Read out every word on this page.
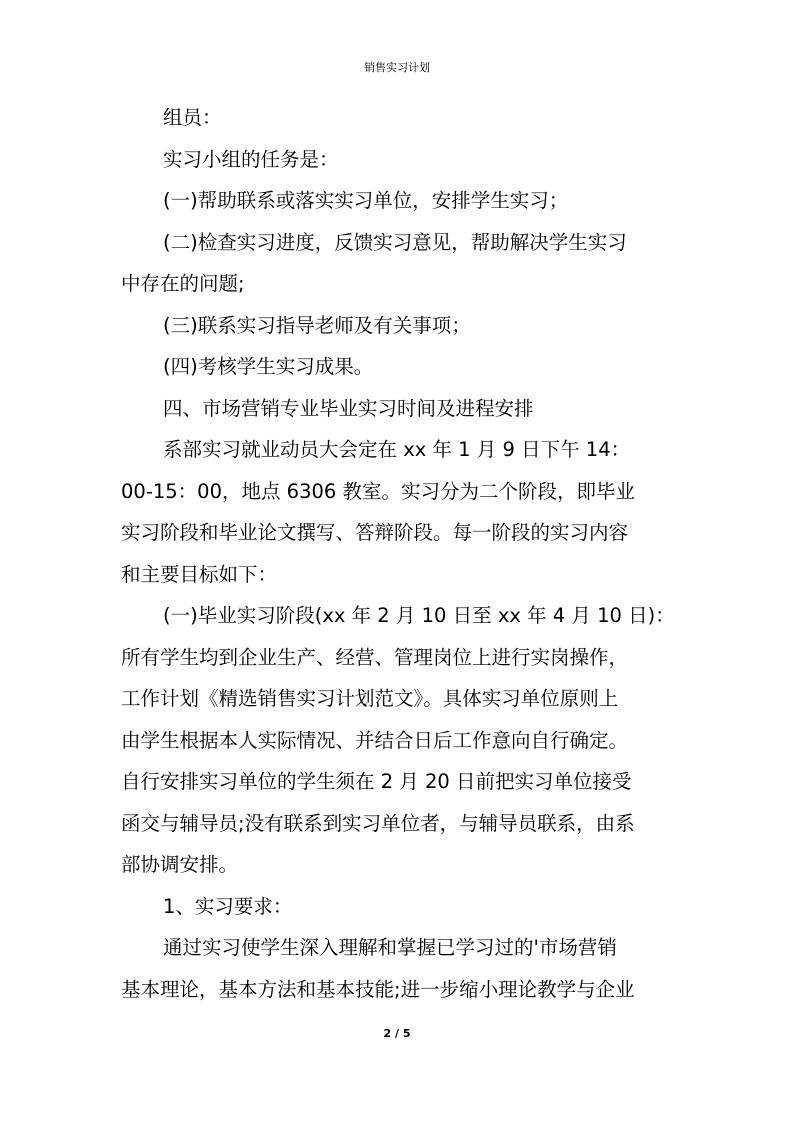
销售实习计划

组员：

实习小组的任务是：

(一)帮助联系或落实实习单位，安排学生实习；

(二)检查实习进度，反馈实习意见，帮助解决学生实习

中存在的问题;

(三)联系实习指导老师及有关事项；

(四)考核学生实习成果。

四、市场营销专业毕业实习时间及进程安排

系部实习就业动员大会定在 xx 年 1 月 9 日下午 14：

00-15：00，地点 6306 教室。实习分为二个阶段，即毕业

实习阶段和毕业论文撰写、答辩阶段。每一阶段的实习内容

和主要目标如下：

(一)毕业实习阶段(xx 年 2 月 10 日至 xx 年 4 月 10 日)：

所有学生均到企业生产、经营、管理岗位上进行实岗操作，

工作计划《精选销售实习计划范文》。具体实习单位原则上

由学生根据本人实际情况、并结合日后工作意向自行确定。

自行安排实习单位的学生须在 2 月 20 日前把实习单位接受

函交与辅导员;没有联系到实习单位者，与辅导员联系，由系

部协调安排。

1、实习要求：

通过实习使学生深入理解和掌握已学习过的'市场营销

基本理论，基本方法和基本技能;进一步缩小理论教学与企业

2 / 5
